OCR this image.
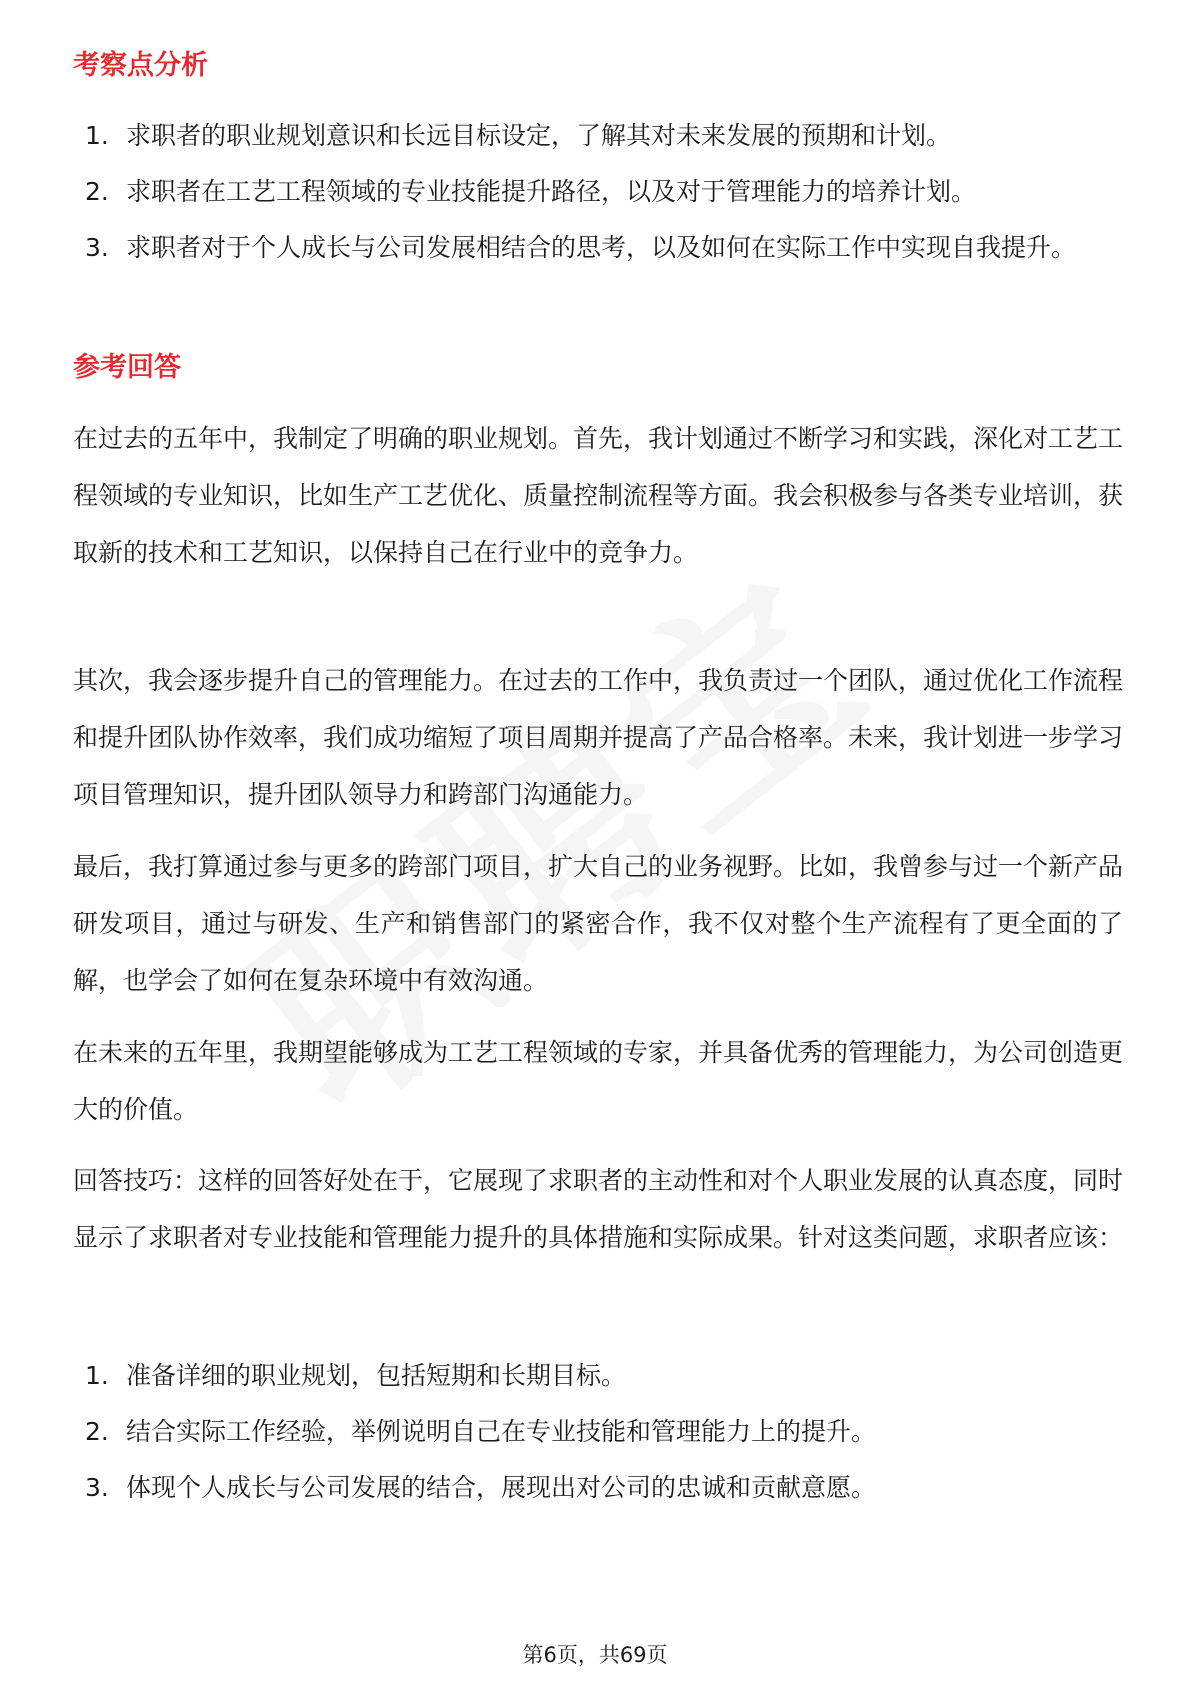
考察点分析
1. 求职者的职业规划意识和长远目标设定，了解其对未来发展的预期和计划。
2. 求职者在工艺工程领域的专业技能提升路径，以及对于管理能力的培养计划。
3. 求职者对于个人成长与公司发展相结合的思考，以及如何在实际工作中实现自我提升。
参考回答

在过去的五年中，我制定了明确的职业规划。首先，我计划通过不断学习和实践，深化对工艺工程领域的专业知识，比如生产工艺优化、质量控制流程等方面。我会积极参与各类专业培训，获取新的技术和工艺知识，以保持自己在行业中的竞争力。

其次，我会逐步提升自己的管理能力。在过去的工作中，我负责过一个团队，通过优化工作流程和提升团队协作效率，我们成功缩短了项目周期并提高了产品合格率。未来，我计划进一步学习项目管理知识，提升团队领导力和跨部门沟通能力。

最后，我打算通过参与更多的跨部门项目，扩大自己的业务视野。比如，我曾参与过一个新产品研发项目，通过与研发、生产和销售部门的紧密合作，我不仅对整个生产流程有了更全面的了解，也学会了如何在复杂环境中有效沟通。

在未来的五年里，我期望能够成为工艺工程领域的专家，并具备优秀的管理能力，为公司创造更大的价值。

回答技巧：这样的回答好处在于，它展现了求职者的主动性和对个人职业发展的认真态度，同时显示了求职者对专业技能和管理能力提升的具体措施和实际成果。针对这类问题，求职者应该：

1. 准备详细的职业规划，包括短期和长期目标。
2. 结合实际工作经验，举例说明自己在专业技能和管理能力上的提升。
3. 体现个人成长与公司发展的结合，展现出对公司的忠诚和贡献意愿。
第6页，共69页
